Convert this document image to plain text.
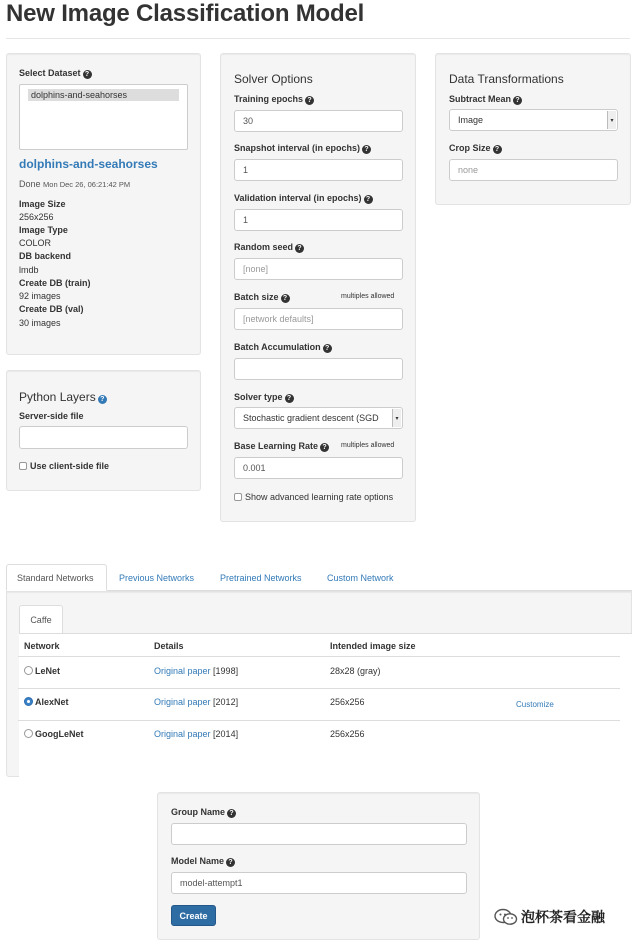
New Image Classification Model
Select Dataset ?
dolphins-and-seahorses
dolphins-and-seahorses
Done Mon Dec 26, 06:21:42 PM
Image Size
256x256
Image Type
COLOR
DB backend
lmdb
Create DB (train)
92 images
Create DB (val)
30 images
Python Layers ?
Server-side file
Use client-side file
Solver Options
Training epochs ?
30
Snapshot interval (in epochs) ?
1
Validation interval (in epochs) ?
1
Random seed ?
[none]
Batch size ?	multiples allowed
[network defaults]
Batch Accumulation ?
Solver type ?
Stochastic gradient descent (SGD	▾
Base Learning Rate ?	multiples allowed
0.001
Show advanced learning rate options
Data Transformations
Subtract Mean ?
Image	▾
Crop Size ?
none
Standard Networks	Previous Networks	Pretrained Networks	Custom Network
Caffe
Network	Details	Intended image size
LeNet	Original paper [1998]	28x28 (gray)
AlexNet	Original paper [2012]	256x256	Customize
GoogLeNet	Original paper [2014]	256x256
Group Name ?
Model Name ?
model-attempt1
Create	泡杯茶看金融
